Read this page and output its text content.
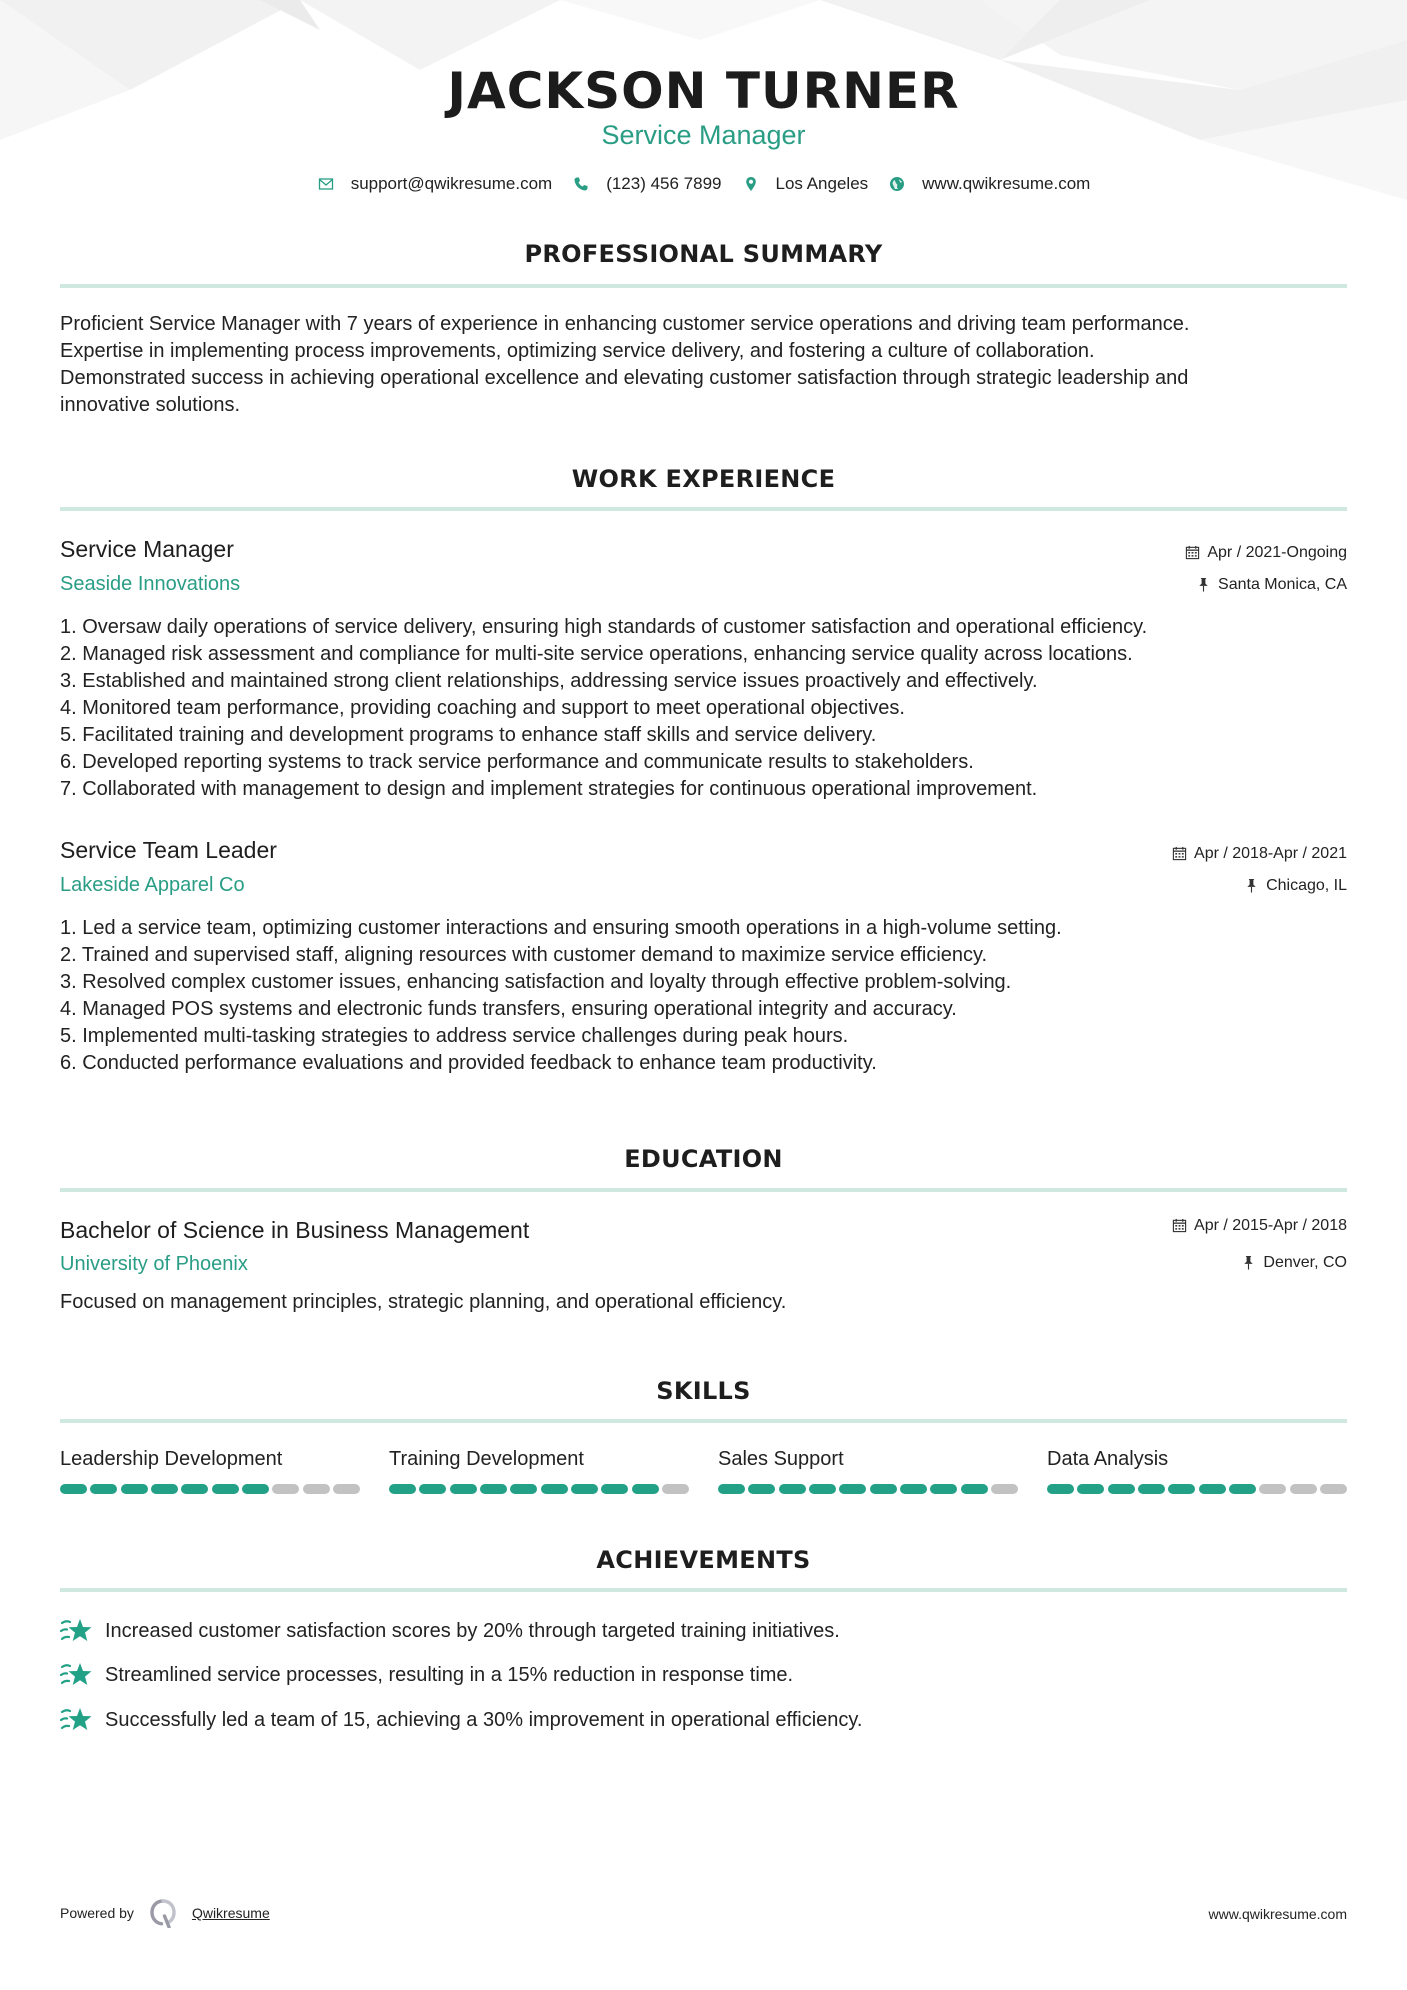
JACKSON TURNER
Service Manager
support@qwikresume.com	(123) 456 7899	Los Angeles	www.qwikresume.com
PROFESSIONAL SUMMARY
Proficient Service Manager with 7 years of experience in enhancing customer service operations and driving team performance.
Expertise in implementing process improvements, optimizing service delivery, and fostering a culture of collaboration.
Demonstrated success in achieving operational excellence and elevating customer satisfaction through strategic leadership and
innovative solutions.
WORK EXPERIENCE
Service Manager
Seaside Innovations
Apr / 2021-Ongoing
Santa Monica, CA
1. Oversaw daily operations of service delivery, ensuring high standards of customer satisfaction and operational efficiency.
2. Managed risk assessment and compliance for multi-site service operations, enhancing service quality across locations.
3. Established and maintained strong client relationships, addressing service issues proactively and effectively.
4. Monitored team performance, providing coaching and support to meet operational objectives.
5. Facilitated training and development programs to enhance staff skills and service delivery.
6. Developed reporting systems to track service performance and communicate results to stakeholders.
7. Collaborated with management to design and implement strategies for continuous operational improvement.
Service Team Leader
Lakeside Apparel Co
Apr / 2018-Apr / 2021
Chicago, IL
1. Led a service team, optimizing customer interactions and ensuring smooth operations in a high-volume setting.
2. Trained and supervised staff, aligning resources with customer demand to maximize service efficiency.
3. Resolved complex customer issues, enhancing satisfaction and loyalty through effective problem-solving.
4. Managed POS systems and electronic funds transfers, ensuring operational integrity and accuracy.
5. Implemented multi-tasking strategies to address service challenges during peak hours.
6. Conducted performance evaluations and provided feedback to enhance team productivity.
EDUCATION
Bachelor of Science in Business Management
University of Phoenix
Apr / 2015-Apr / 2018
Denver, CO
Focused on management principles, strategic planning, and operational efficiency.
SKILLS
Leadership Development	Training Development	Sales Support	Data Analysis
ACHIEVEMENTS
Increased customer satisfaction scores by 20% through targeted training initiatives.
Streamlined service processes, resulting in a 15% reduction in response time.
Successfully led a team of 15, achieving a 30% improvement in operational efficiency.
Powered by	Qwikresume	www.qwikresume.com
